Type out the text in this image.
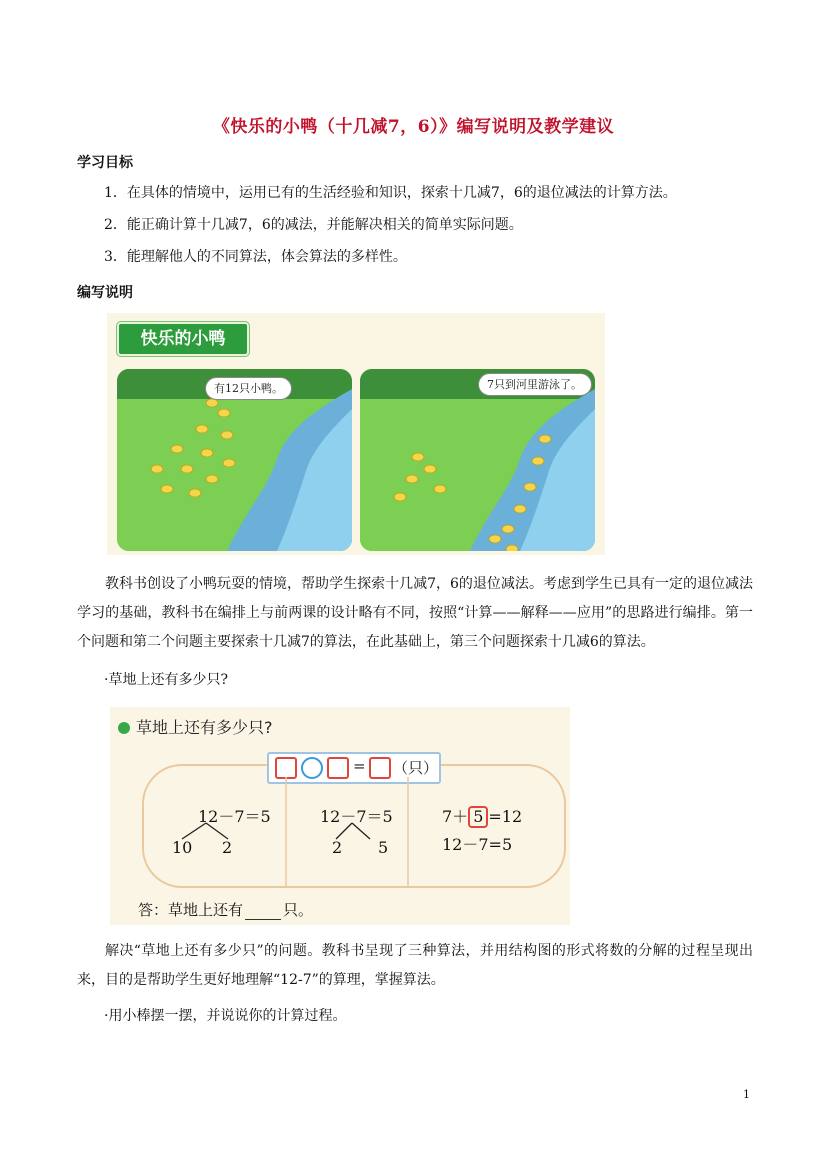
《快乐的小鸭（十几减7，6）》编写说明及教学建议
学习目标
1．在具体的情境中，运用已有的生活经验和知识，探索十几减7，6的退位减法的计算方法。
2．能正确计算十几减7，6的减法，并能解决相关的简单实际问题。
3．能理解他人的不同算法，体会算法的多样性。
编写说明
快乐的小鸭
有12只小鸭。	7只到河里游泳了。
教科书创设了小鸭玩耍的情境，帮助学生探索十几减7，6的退位减法。考虑到学生已具有一定的退位减法学习的基础，教科书在编排上与前两课的设计略有不同，按照“计算——解释——应用”的思路进行编排。第一个问题和第二个问题主要探索十几减7的算法，在此基础上，第三个问题探索十几减6的算法。
·草地上还有多少只?
草地上还有多少只?
= （只）
12－7＝5
10 2
12－7＝5
2 5
7＋ 5 =12
12－7=5
答：草地上还有	只。
解决“草地上还有多少只”的问题。教科书呈现了三种算法，并用结构图的形式将数的分解的过程呈现出来，目的是帮助学生更好地理解“12-7”的算理，掌握算法。
·用小棒摆一摆，并说说你的计算过程。
1
